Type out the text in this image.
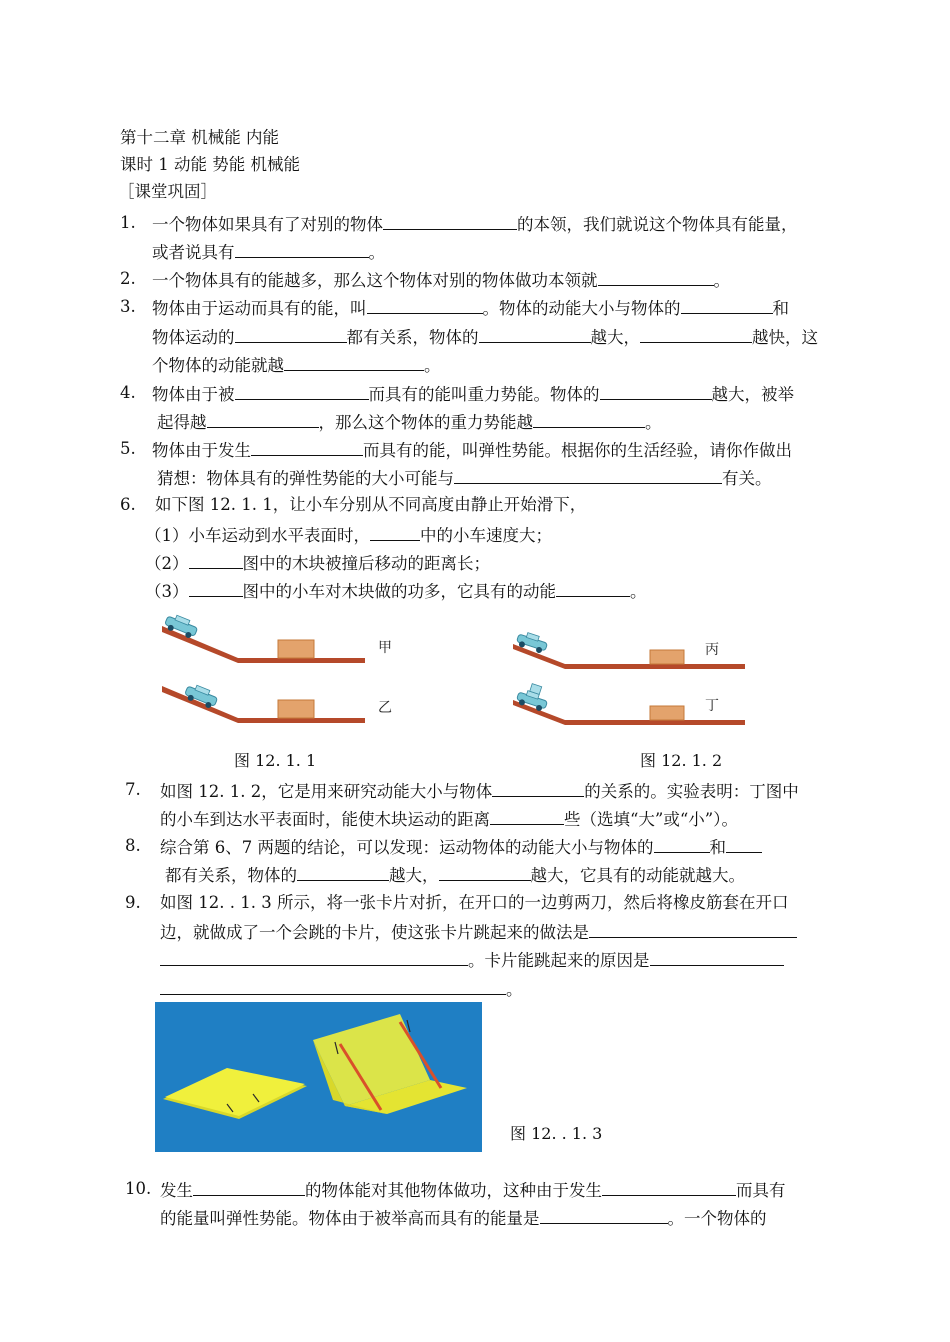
第十二章 机械能 内能
课时 1 动能 势能 机械能
［课堂巩固］
1. 一个物体如果具有了对别的物体	的本领，我们就说这个物体具有能量，
或者说具有	。
2. 一个物体具有的能越多，那么这个物体对别的物体做功本领就	。
3. 物体由于运动而具有的能，叫	。物体的动能大小与物体的	和
物体运动的	都有关系，物体的	越大，	越快，这
个物体的动能就越	。
4. 物体由于被	而具有的能叫重力势能。物体的	越大，被举
起得越	，那么这个物体的重力势能越	。
5. 物体由于发生	而具有的能，叫弹性势能。根据你的生活经验，请你作做出
猜想：物体具有的弹性势能的大小可能与	有关。
6. 如下图 12. 1. 1，让小车分别从不同高度由静止开始滑下，
（1）小车运动到水平表面时，	中的小车速度大；
（2）	图中的木块被撞后移动的距离长；
（3）	图中的小车对木块做的功多，它具有的动能	。
甲
乙
丙
丁
图 12. 1. 1	图 12. 1. 2
7. 如图 12. 1. 2，它是用来研究动能大小与物体	的关系的。实验表明：丁图中
的小车到达水平表面时，能使木块运动的距离	些（选填“大”或“小”）。
8. 综合第 6、7 两题的结论，可以发现：运动物体的动能大小与物体的	和
都有关系，物体的	越大，	越大，它具有的动能就越大。
9. 如图 12. . 1. 3 所示，将一张卡片对折，在开口的一边剪两刀，然后将橡皮筋套在开口
边，就做成了一个会跳的卡片，使这张卡片跳起来的做法是
。卡片能跳起来的原因是
。
图 12. . 1. 3
10. 发生	的物体能对其他物体做功，这种由于发生	而具有
的能量叫弹性势能。物体由于被举高而具有的能量是	。一个物体的
